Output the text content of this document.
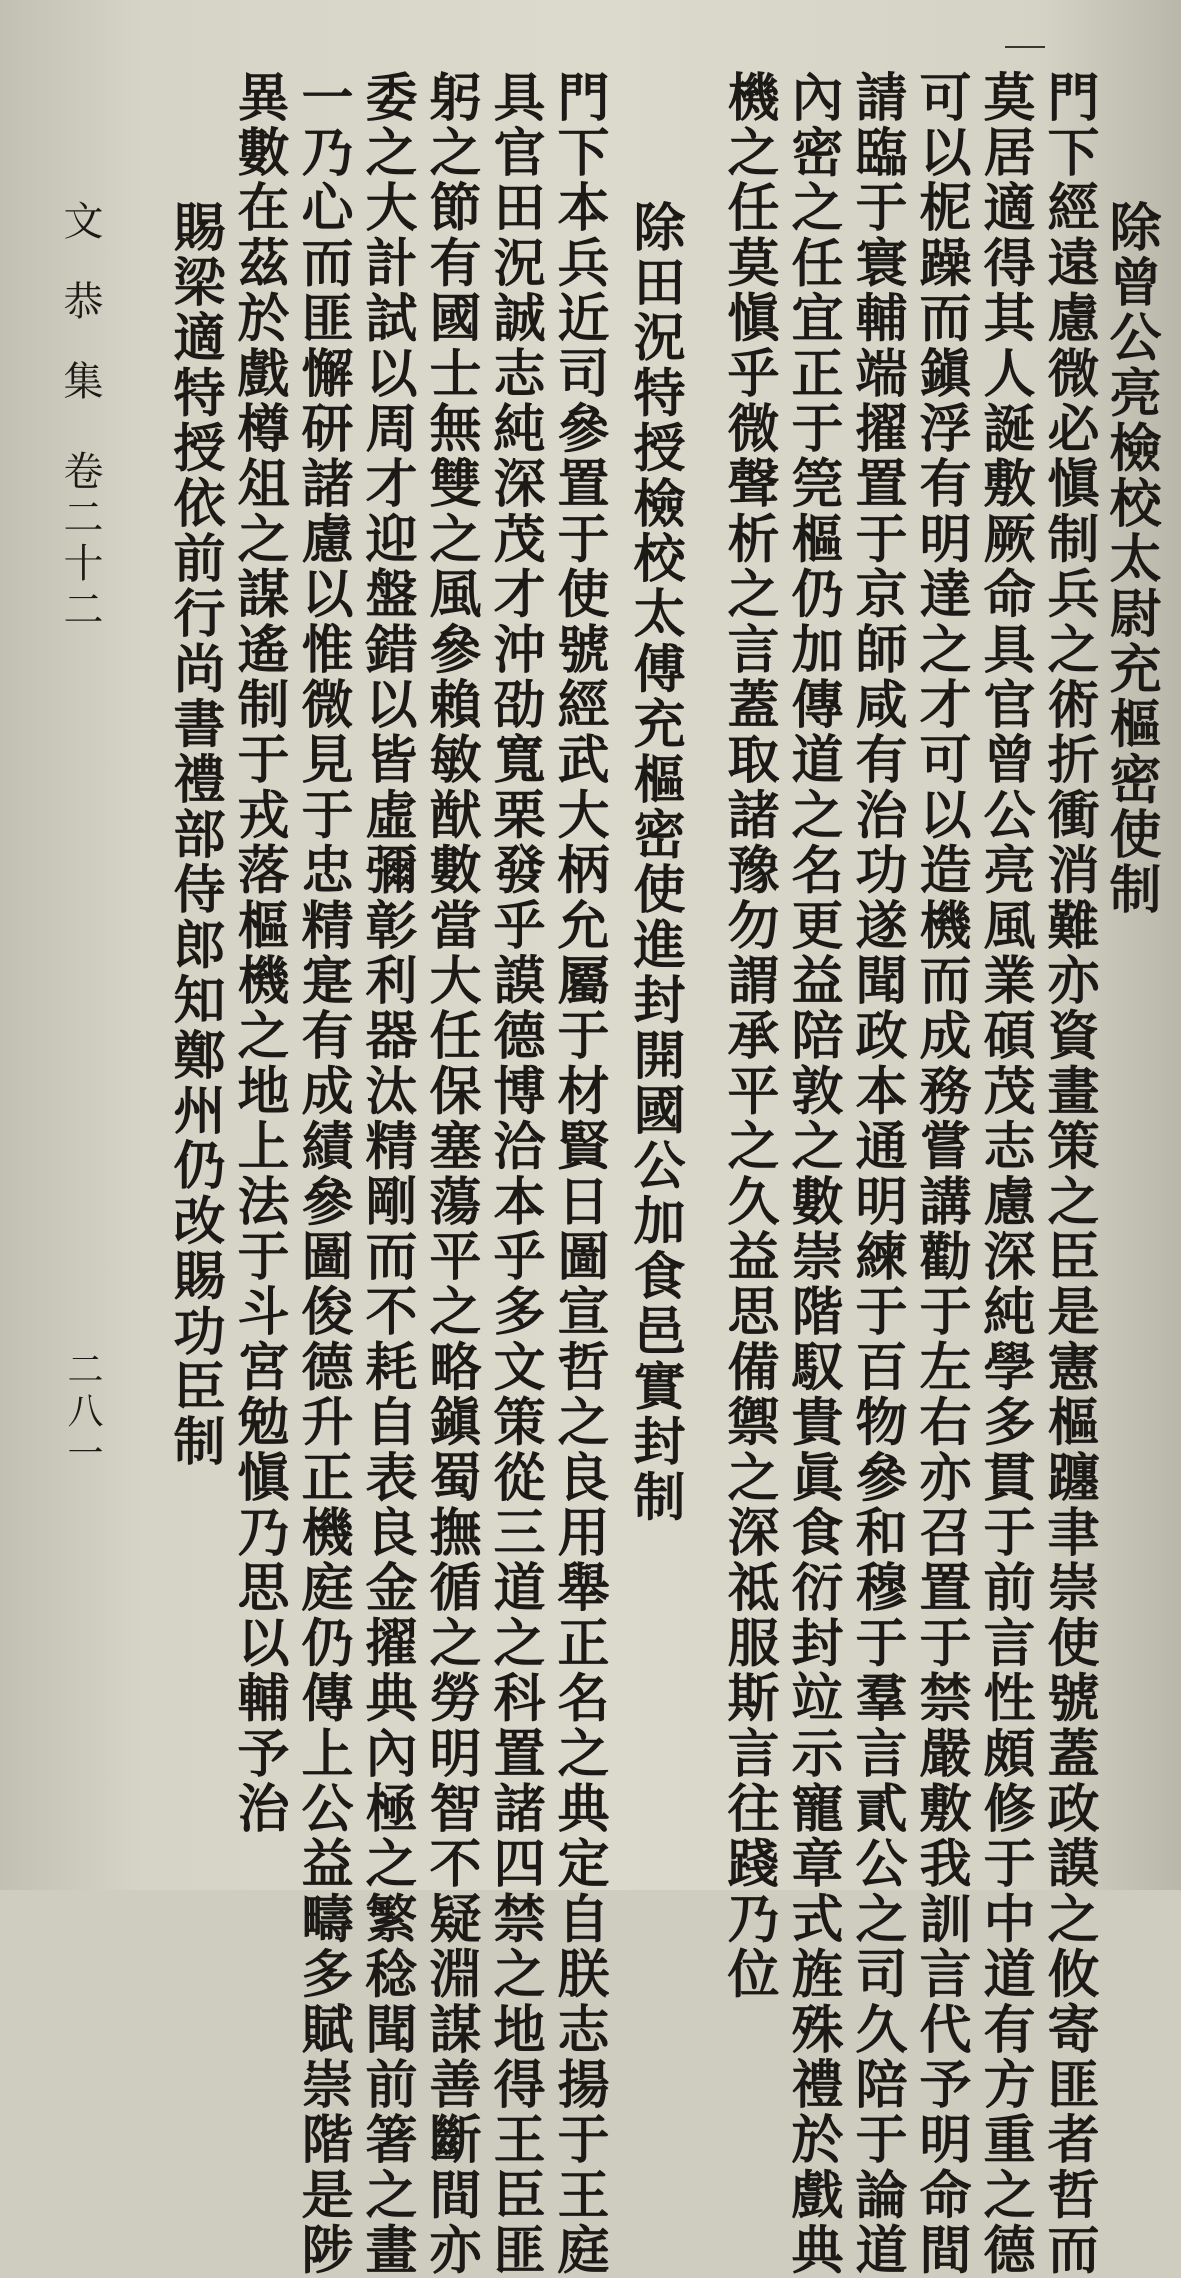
除曾公亮檢校太尉充樞密使制
門下經遠慮微必愼制兵之術折衝消難亦資畫策之臣是憲樞躔聿崇使號蓋政謨之攸寄匪者哲而
莫居適得其人誕敷厥命具官曾公亮風業碩茂志慮深純學多貫于前言性頗修于中道有方重之德
可以柅躁而鎭浮有明達之才可以造機而成務嘗講勸于左右亦召置于禁嚴敷我訓言代予明命間
請臨于寰輔端擢置于京師咸有治功遂聞政本通明練于百物參和穆于羣言貳公之司久陪于論道
內密之任宜正于筦樞仍加傳道之名更益陪敦之數崇階馭貴眞食衍封竝示寵章式旌殊禮於戲典
機之任莫愼乎微聲析之言蓋取諸豫勿謂承平之久益思備禦之深祗服斯言往踐乃位
除田況特授檢校太傅充樞密使進封開國公加食邑實封制
門下本兵近司參置于使號經武大柄允屬于材賢日圖宣哲之良用舉正名之典定自朕志揚于王庭
具官田況誠志純深茂才沖劭寬栗發乎謨德博洽本乎多文策從三道之科置諸四禁之地得王臣匪
躬之節有國士無雙之風參賴敏猷數當大任保塞蕩平之略鎭蜀撫循之勞明智不疑淵謀善斷間亦
委之大計試以周才迎盤錯以皆虛彌彰利器汰精剛而不耗自表良金擢典內極之繁稔聞前箸之畫
一乃心而匪懈研諸慮以惟微見于忠精寔有成績參圖俊德升正機庭仍傳上公益疇多賦崇階是陟
異數在茲於戲樽俎之謀遙制于戎落樞機之地上法于斗宮勉愼乃思以輔予治
賜梁適特授依前行尚書禮部侍郎知鄭州仍改賜功臣制
文恭集
卷二十二
二八一
